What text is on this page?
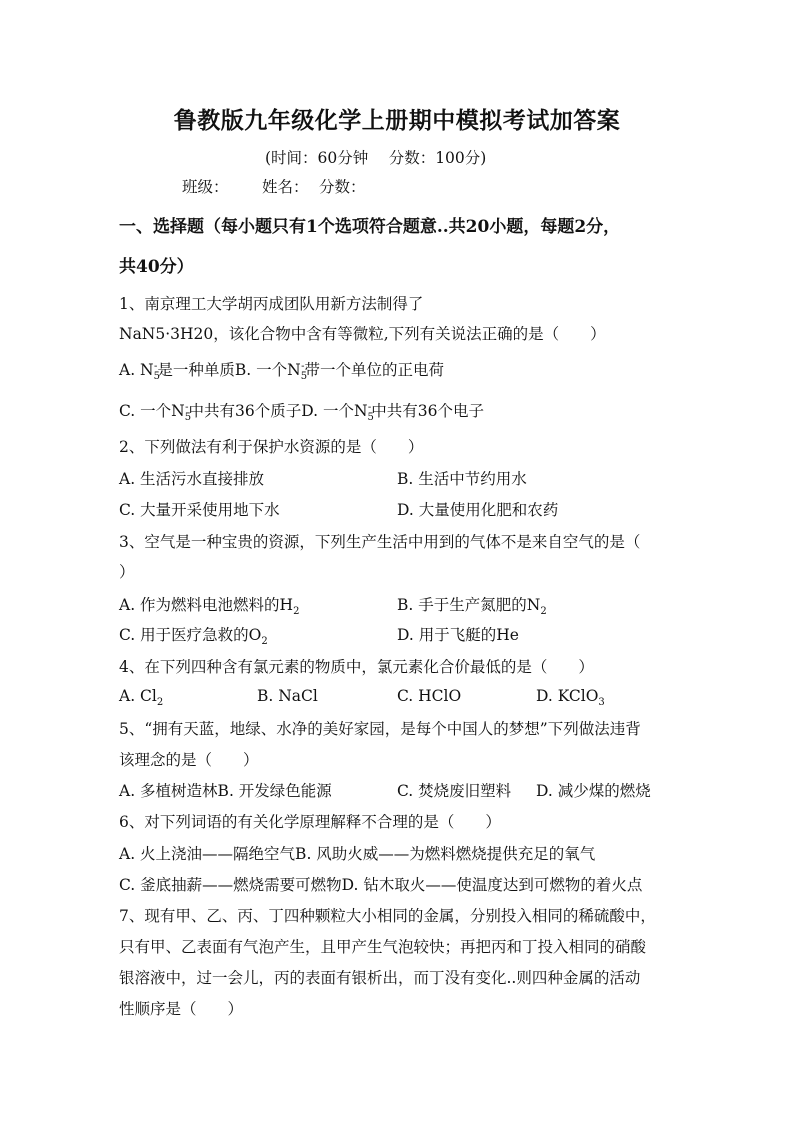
鲁教版九年级化学上册期中模拟考试加答案
(时间：60分钟　 分数：100分)
班级： 姓名： 分数：
一、选择题（每小题只有1个选项符合题意..共20小题，每题2分，
共40分）
1、南京理工大学胡丙成团队用新方法制得了
NaN5·3H20，该化合物中含有等微粒,下列有关说法正确的是（　　）
A. $N_5^-$是一种单质B. 一个$N_5^-$带一个单位的正电荷
C. 一个$N_5^-$中共有36个质子D. 一个$N_5^-$中共有36个电子
2、下列做法有利于保护水资源的是（　　）
A. 生活污水直接排放	B. 生活中节约用水
C. 大量开采使用地下水	D. 大量使用化肥和农药
3、空气是一种宝贵的资源，下列生产生活中用到的气体不是来自空气的是（
）
A. 作为燃料电池燃料的$H_2$	B. 手于生产氮肥的$N_2$
C. 用于医疗急救的$O_2$	D. 用于飞艇的He
4、在下列四种含有氯元素的物质中，氯元素化合价最低的是（　　）
A. $Cl_2$	B. NaCl	C. HClO	D. KClO$_3$
5、“拥有天蓝，地绿、水净的美好家园，是每个中国人的梦想”下列做法违背
该理念的是（　　）
A. 多植树造林B. 开发绿色能源	C. 焚烧废旧塑料 D. 减少煤的燃烧
6、对下列词语的有关化学原理解释不合理的是（　　）
A. 火上浇油——隔绝空气B. 风助火威——为燃料燃烧提供充足的氧气
C. 釜底抽薪——燃烧需要可燃物D. 钻木取火——使温度达到可燃物的着火点
7、现有甲、乙、丙、丁四种颗粒大小相同的金属，分别投入相同的稀硫酸中，
只有甲、乙表面有气泡产生，且甲产生气泡较快；再把丙和丁投入相同的硝酸
银溶液中，过一会儿，丙的表面有银析出，而丁没有变化..则四种金属的活动
性顺序是（　　）
